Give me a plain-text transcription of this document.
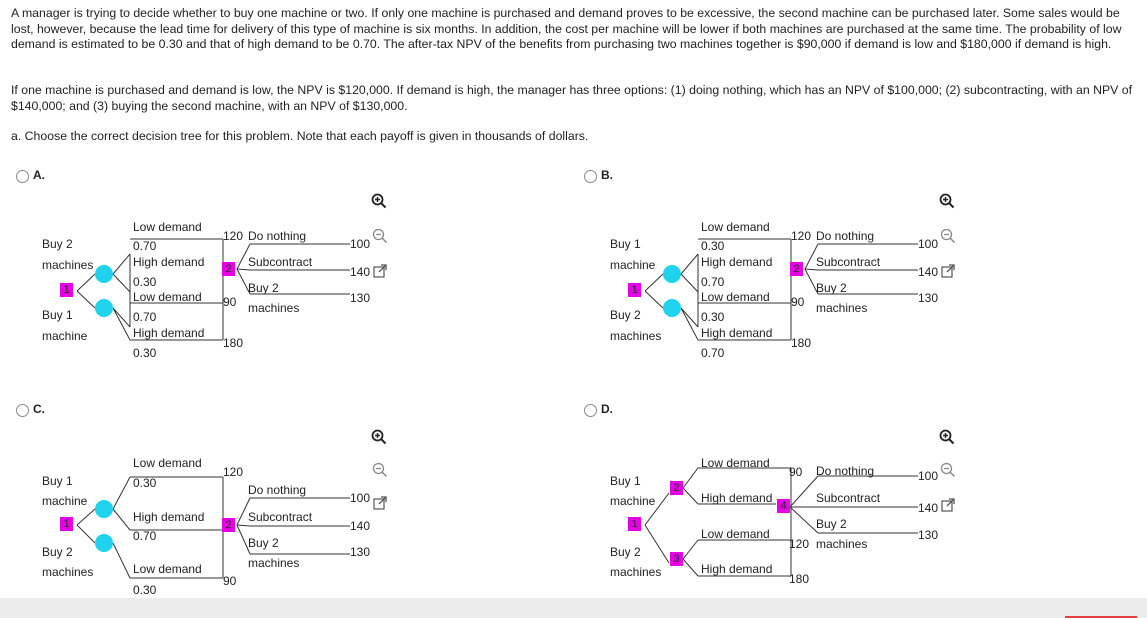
A manager is trying to decide whether to buy one machine or two. If only one machine is purchased and demand proves to be excessive, the second machine can be purchased later. Some sales would be lost, however, because the lead time for delivery of this type of machine is six months. In addition, the cost per machine will be lower if both machines are purchased at the same time. The probability of low demand is estimated to be 0.30 and that of high demand to be 0.70. The after-tax NPV of the benefits from purchasing two machines together is $90,000 if demand is low and $180,000 if demand is high.

If one machine is purchased and demand is low, the NPV is $120,000. If demand is high, the manager has three options: (1) doing nothing, which has an NPV of $100,000; (2) subcontracting, with an NPV of $140,000; and (3) buying the second machine, with an NPV of $130,000.

a. Choose the correct decision tree for this problem. Note that each payoff is given in thousands of dollars.

A.
Buy 2
machines
Buy 1
machine
1
Low demand
0.70
120
High demand
0.30
Low demand
0.70
90
High demand
0.30
180
2
Do nothing
Subcontract
Buy 2
machines
100
140
130
B.
Buy 1
machine
Buy 2
machines
1
Low demand
0.30
120
High demand
0.70
Low demand
0.30
90
High demand
0.70
180
2
Do nothing
Subcontract
Buy 2
machines
100
140
130
C.
Buy 1
machine
Buy 2
machines
1
Low demand
0.30
120
High demand
0.70
Low demand
0.30
90
2
Do nothing
Subcontract
Buy 2
machines
100
140
130
D.
Buy 1
machine
Buy 2
machines
1
2
3
Low demand
90
High demand
4
Low demand
120
High demand
180
Do nothing
Subcontract
Buy 2
machines
100
140
130
